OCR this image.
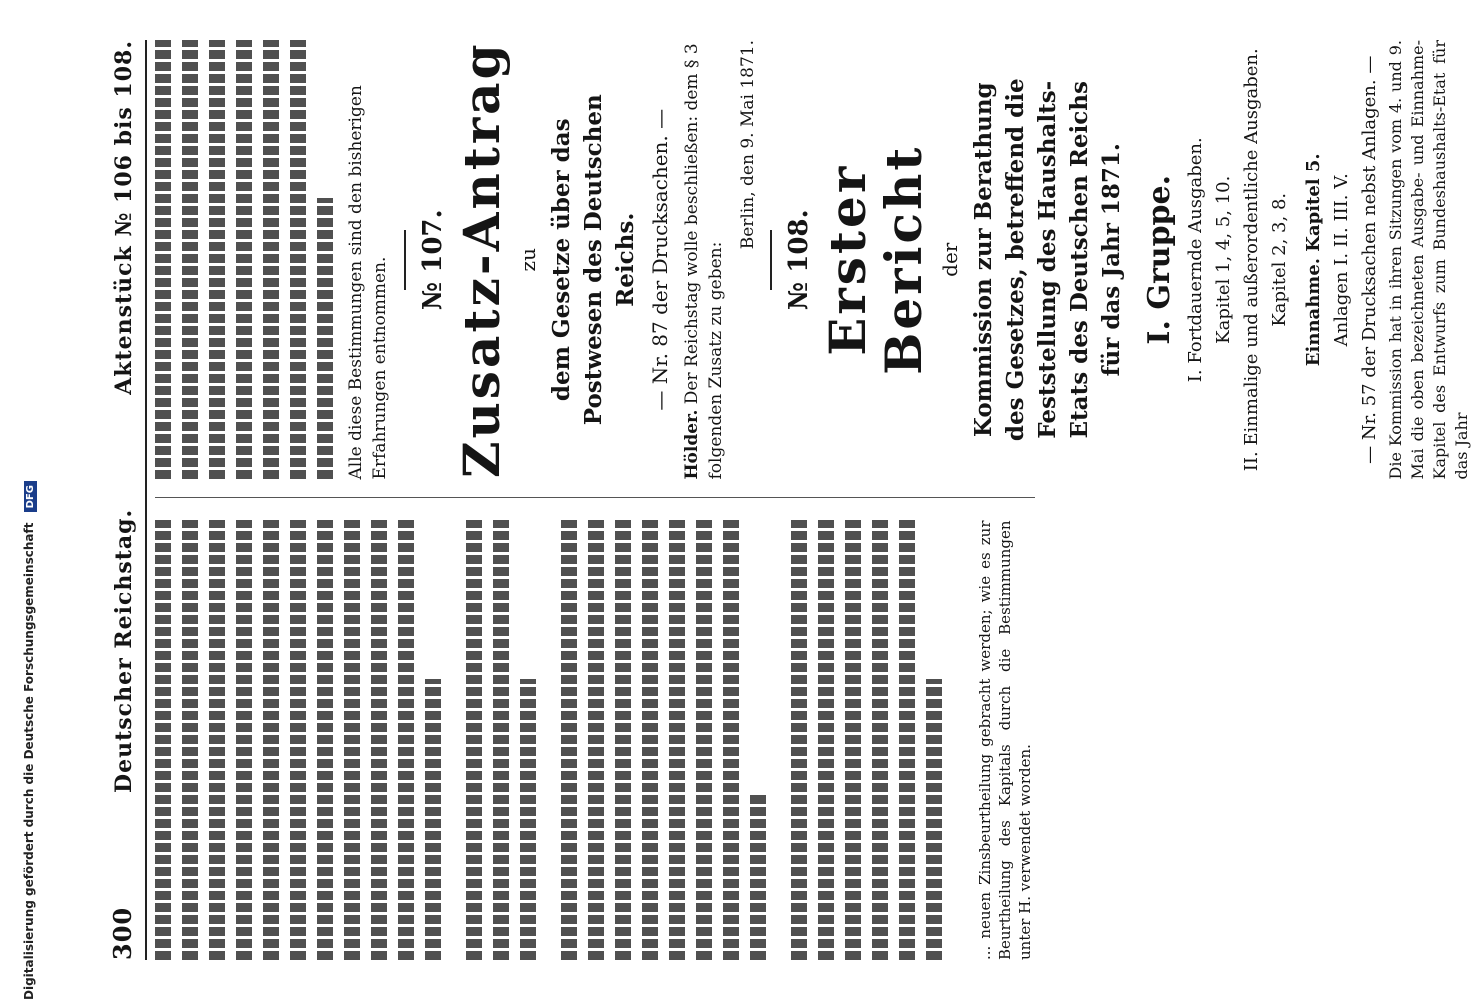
Digitalisierung gefördert durch die Deutsche Forschungsgemeinschaft DFG
300
Deutscher Reichstag.
Aktenstück № 106 bis 108.
... neuen Zinsbeurtheilung gebracht werden; wie es zur Beurtheilung des Kapitals durch die Bestimmungen unter H. verwendet worden.
Alle diese Bestimmungen sind den bisherigen Erfahrungen entnommen. № 107. Zusatz-Antrag zu dem Gesetze über das Postwesen des Deutschen Reichs. — Nr. 87 der Drucksachen. —
Hölder. Der Reichstag wolle beschließen: dem § 3 folgenden Zusatz zu geben:
Berlin, den 9. Mai 1871.
№ 108. Erster Bericht der Kommission zur Berathung des Gesetzes, betreffend die Feststellung des Haushalts-Etats des Deutschen Reichs für das Jahr 1871. I. Gruppe. I. Fortdauernde Ausgaben. Kapitel 1, 4, 5, 10. II. Einmalige und außerordentliche Ausgaben. Kapitel 2, 3, 8. Einnahme. Kapitel 5. Anlagen I. II. III. V. — Nr. 57 der Drucksachen nebst Anlagen. — Die Kommission hat in ihren Sitzungen vom 4. und 9. Mai die oben bezeichneten Ausgabe- und Einnahme-Kapitel des Entwurfs zum Bundeshaushalts-Etat für das Jahr
